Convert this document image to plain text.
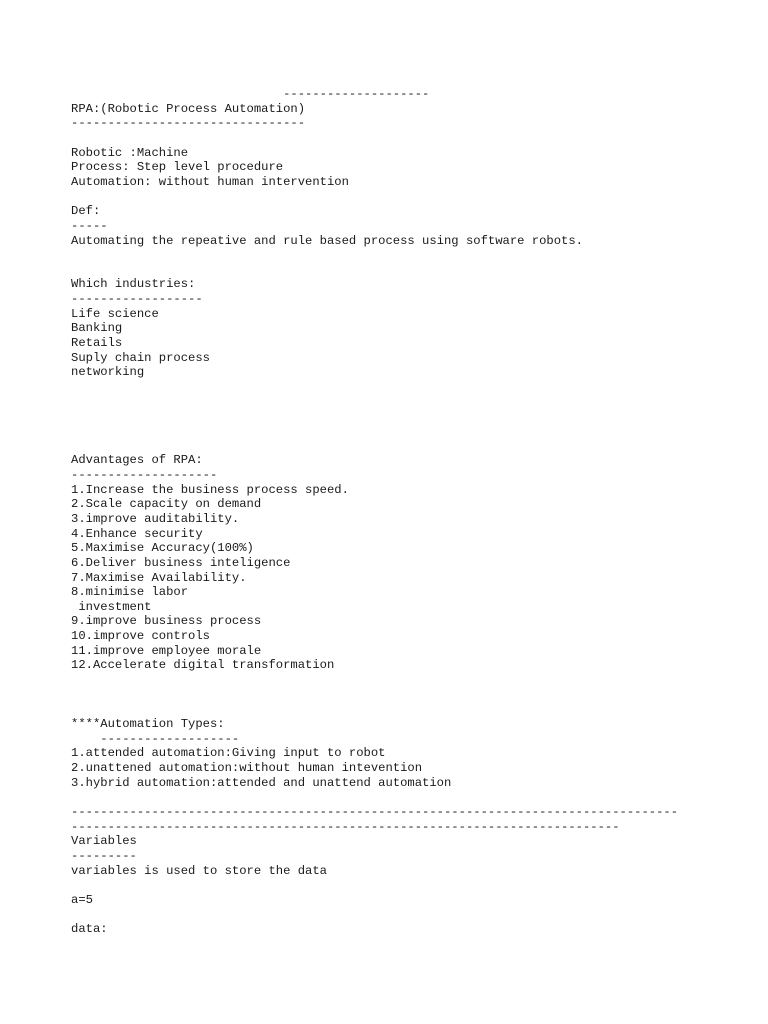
--------------------
RPA:(Robotic Process Automation)
--------------------------------
Robotic :Machine
Process: Step level procedure
Automation: without human intervention
Def:
-----
Automating the repeative and rule based process using software robots.
Which industries:
------------------
Life science
Banking
Retails
Suply chain process
networking
Advantages of RPA:
--------------------
1.Increase the business process speed.
2.Scale capacity on demand
3.improve auditability.
4.Enhance security
5.Maximise Accuracy(100%)
6.Deliver business inteligence
7.Maximise Availability.
8.minimise labor
investment
9.improve business process
10.improve controls
11.improve employee morale
12.Accelerate digital transformation
****Automation Types:
-------------------
1.attended automation:Giving input to robot
2.unattened automation:without human intevention
3.hybrid automation:attended and unattend automation
-----------------------------------------------------------------------------------
---------------------------------------------------------------------------
Variables
---------
variables is used to store the data
a=5
data:
